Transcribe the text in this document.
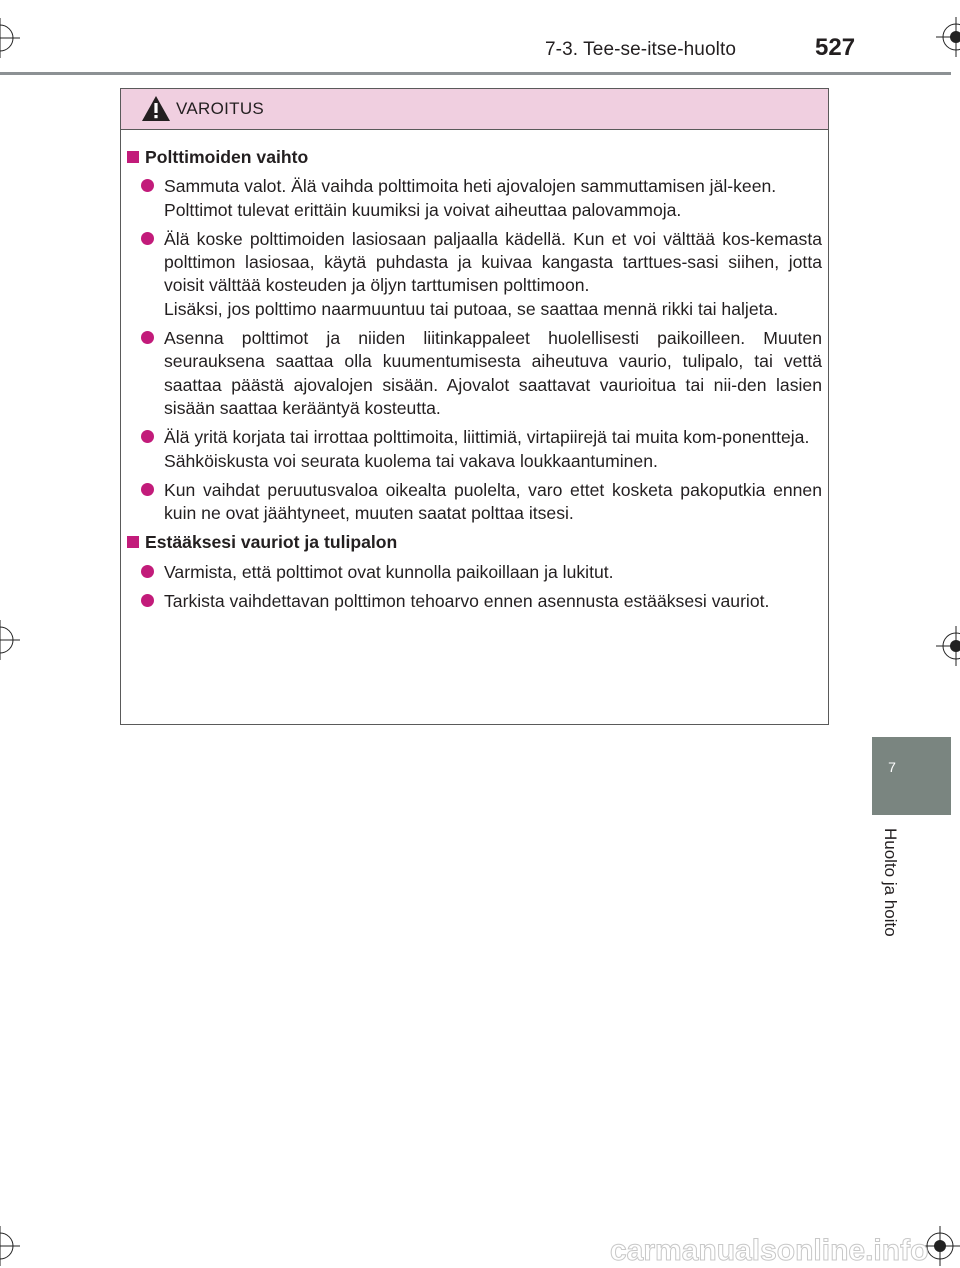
7-3. Tee-se-itse-huolto	527
7
Huolto ja hoito
VAROITUS
Polttimoiden vaihto

Sammuta valot. Älä vaihda polttimoita heti ajovalojen sammuttamisen jäl-keen.

Polttimot tulevat erittäin kuumiksi ja voivat aiheuttaa palovammoja.

Älä koske polttimoiden lasiosaan paljaalla kädellä. Kun et voi välttää kos-kemasta polttimon lasiosaa, käytä puhdasta ja kuivaa kangasta tarttues-sasi siihen, jotta voisit välttää kosteuden ja öljyn tarttumisen polttimoon.

Lisäksi, jos polttimo naarmuuntuu tai putoaa, se saattaa mennä rikki tai haljeta.

Asenna polttimot ja niiden liitinkappaleet huolellisesti paikoilleen. Muuten seurauksena saattaa olla kuumentumisesta aiheutuva vaurio, tulipalo, tai vettä saattaa päästä ajovalojen sisään. Ajovalot saattavat vaurioitua tai nii-den lasien sisään saattaa kerääntyä kosteutta.

Älä yritä korjata tai irrottaa polttimoita, liittimiä, virtapiirejä tai muita kom-ponentteja.

Sähköiskusta voi seurata kuolema tai vakava loukkaantuminen.

Kun vaihdat peruutusvaloa oikealta puolelta, varo ettet kosketa pakoputkia ennen kuin ne ovat jäähtyneet, muuten saatat polttaa itsesi.

Estääksesi vauriot ja tulipalon

Varmista, että polttimot ovat kunnolla paikoillaan ja lukitut.

Tarkista vaihdettavan polttimon tehoarvo ennen asennusta estääksesi vauriot.

carmanualsonline.info
